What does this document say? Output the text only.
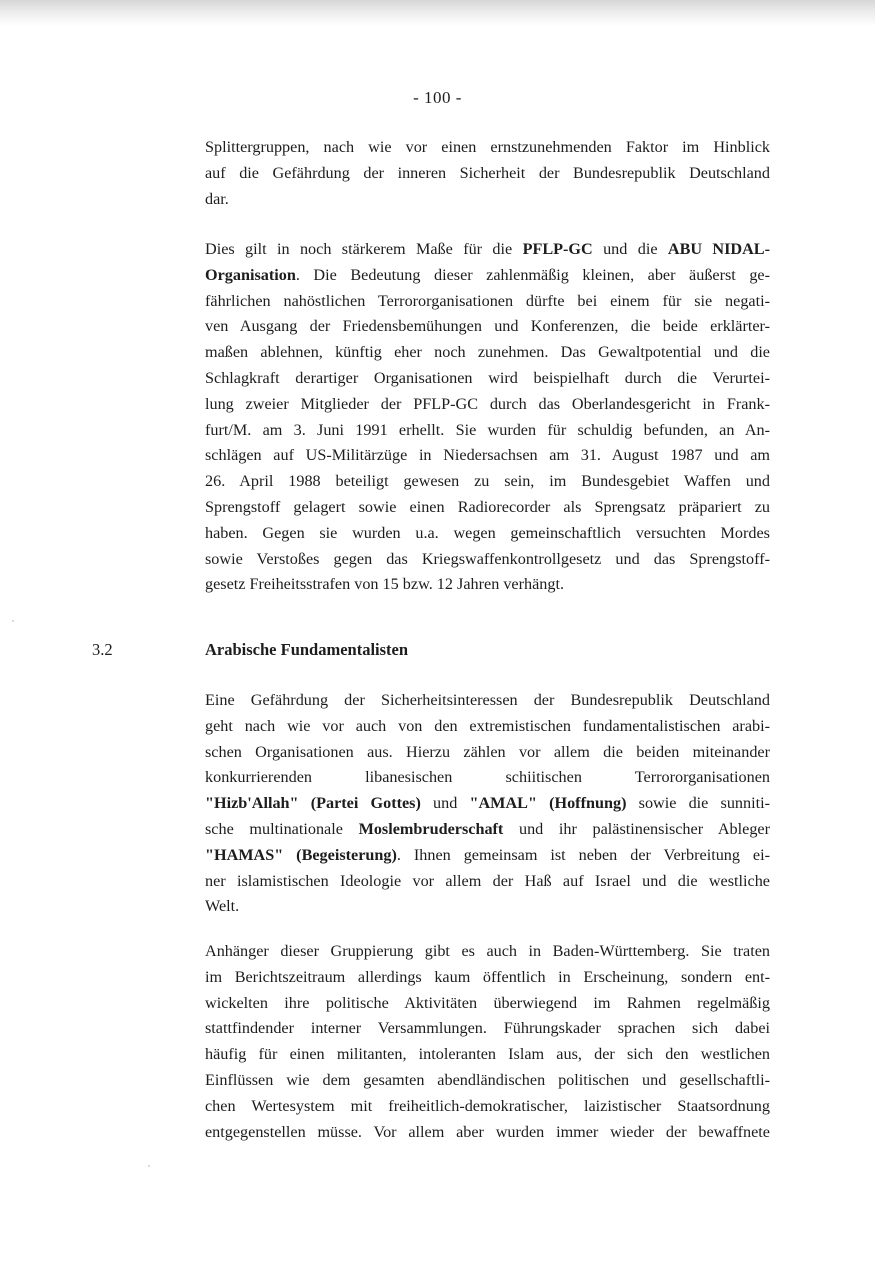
- 100 -
Splittergruppen, nach wie vor einen ernstzunehmenden Faktor im Hinblick
auf die Gefährdung der inneren Sicherheit der Bundesrepublik Deutschland
dar.
Dies gilt in noch stärkerem Maße für die PFLP-GC und die ABU NIDAL-
Organisation. Die Bedeutung dieser zahlenmäßig kleinen, aber äußerst ge-
fährlichen nahöstlichen Terrororganisationen dürfte bei einem für sie negati-
ven Ausgang der Friedensbemühungen und Konferenzen, die beide erklärter-
maßen ablehnen, künftig eher noch zunehmen. Das Gewaltpotential und die
Schlagkraft derartiger Organisationen wird beispielhaft durch die Verurtei-
lung zweier Mitglieder der PFLP-GC durch das Oberlandesgericht in Frank-
furt/M. am 3. Juni 1991 erhellt. Sie wurden für schuldig befunden, an An-
schlägen auf US-Militärzüge in Niedersachsen am 31. August 1987 und am
26. April 1988 beteiligt gewesen zu sein, im Bundesgebiet Waffen und
Sprengstoff gelagert sowie einen Radiorecorder als Sprengsatz präpariert zu
haben. Gegen sie wurden u.a. wegen gemeinschaftlich versuchten Mordes
sowie Verstoßes gegen das Kriegswaffenkontrollgesetz und das Sprengstoff-
gesetz Freiheitsstrafen von 15 bzw. 12 Jahren verhängt.
3.2	Arabische Fundamentalisten
Eine Gefährdung der Sicherheitsinteressen der Bundesrepublik Deutschland
geht nach wie vor auch von den extremistischen fundamentalistischen arabi-
schen Organisationen aus. Hierzu zählen vor allem die beiden miteinander
konkurrierenden libanesischen schiitischen Terrororganisationen
"Hizb'Allah" (Partei Gottes) und "AMAL" (Hoffnung) sowie die sunniti-
sche multinationale Moslembruderschaft und ihr palästinensischer Ableger
"HAMAS" (Begeisterung). Ihnen gemeinsam ist neben der Verbreitung ei-
ner islamistischen Ideologie vor allem der Haß auf Israel und die westliche
Welt.
Anhänger dieser Gruppierung gibt es auch in Baden-Württemberg. Sie traten
im Berichtszeitraum allerdings kaum öffentlich in Erscheinung, sondern ent-
wickelten ihre politische Aktivitäten überwiegend im Rahmen regelmäßig
stattfindender interner Versammlungen. Führungskader sprachen sich dabei
häufig für einen militanten, intoleranten Islam aus, der sich den westlichen
Einflüssen wie dem gesamten abendländischen politischen und gesellschaftli-
chen Wertesystem mit freiheitlich-demokratischer, laizistischer Staatsordnung
entgegenstellen müsse. Vor allem aber wurden immer wieder der bewaffnete
